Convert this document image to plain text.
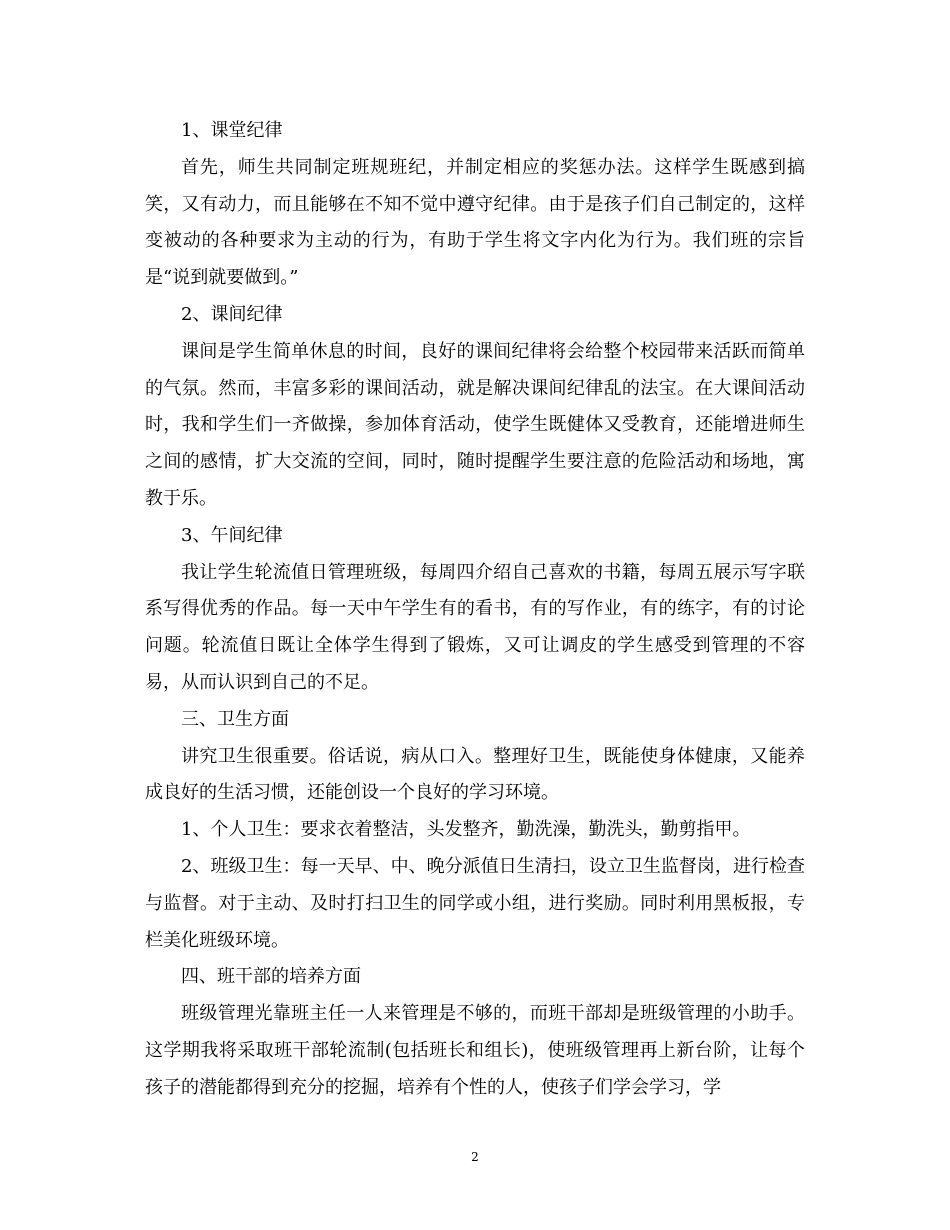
1、课堂纪律

首先，师生共同制定班规班纪，并制定相应的奖惩办法。这样学生既感到搞笑，又有动力，而且能够在不知不觉中遵守纪律。由于是孩子们自己制定的，这样变被动的各种要求为主动的行为，有助于学生将文字内化为行为。我们班的宗旨是“说到就要做到。”

2、课间纪律

课间是学生简单休息的时间，良好的课间纪律将会给整个校园带来活跃而简单的气氛。然而，丰富多彩的课间活动，就是解决课间纪律乱的法宝。在大课间活动时，我和学生们一齐做操，参加体育活动，使学生既健体又受教育，还能增进师生之间的感情，扩大交流的空间，同时，随时提醒学生要注意的危险活动和场地，寓教于乐。

3、午间纪律

我让学生轮流值日管理班级，每周四介绍自己喜欢的书籍，每周五展示写字联系写得优秀的作品。每一天中午学生有的看书，有的写作业，有的练字，有的讨论问题。轮流值日既让全体学生得到了锻炼，又可让调皮的学生感受到管理的不容易，从而认识到自己的不足。

三、卫生方面

讲究卫生很重要。俗话说，病从口入。整理好卫生，既能使身体健康，又能养成良好的生活习惯，还能创设一个良好的学习环境。

1、个人卫生：要求衣着整洁，头发整齐，勤洗澡，勤洗头，勤剪指甲。

2、班级卫生：每一天早、中、晚分派值日生清扫，设立卫生监督岗，进行检查与监督。对于主动、及时打扫卫生的同学或小组，进行奖励。同时利用黑板报，专栏美化班级环境。

四、班干部的培养方面

班级管理光靠班主任一人来管理是不够的，而班干部却是班级管理的小助手。这学期我将采取班干部轮流制(包括班长和组长)，使班级管理再上新台阶，让每个孩子的潜能都得到充分的挖掘，培养有个性的人，使孩子们学会学习，学

2
